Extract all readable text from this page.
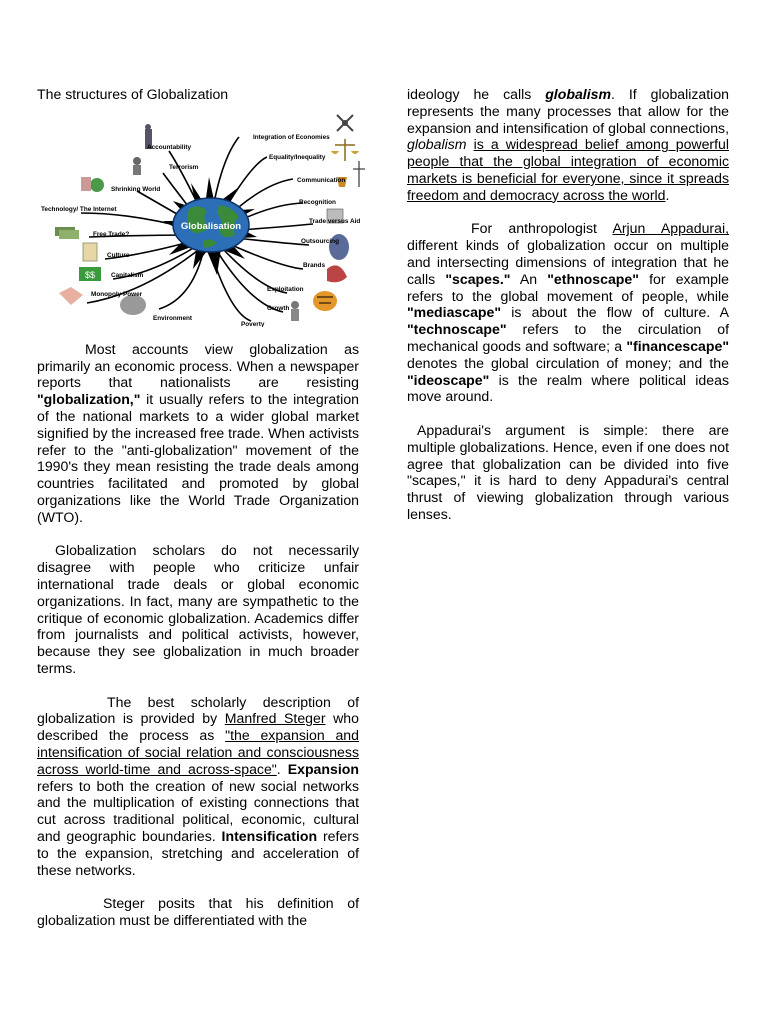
The structures of Globalization

Globalisation
$$
Integration of Economies
Accountability
Equality/Inequality
Terrorism
Communication
Shrinking World
Recognition
Technology/ The Internet
Trade versus Aid
Free Trade?
Outsourcing
Culture
Brands
Capitalism
Exploitation
Monopoly Power
Growth
Environment
Poverty

Most accounts view globalization as primarily an economic process. When a newspaper reports that nationalists are resisting "globalization," it usually refers to the integration of the national markets to a wider global market signified by the increased free trade. When activists refer to the "anti-globalization" movement of the 1990's they mean resisting the trade deals among countries facilitated and promoted by global organizations like the World Trade Organization (WTO).

Globalization scholars do not necessarily disagree with people who criticize unfair international trade deals or global economic organizations. In fact, many are sympathetic to the critique of economic globalization. Academics differ from journalists and political activists, however, because they see globalization in much broader terms.

The best scholarly description of globalization is provided by Manfred Steger who described the process as "the expansion and intensification of social relation and consciousness across world-time and across-space". Expansion refers to both the creation of new social networks and the multiplication of existing connections that cut across traditional political, economic, cultural and geographic boundaries. Intensification refers to the expansion, stretching and acceleration of these networks.

Steger posits that his definition of globalization must be differentiated with the

ideology he calls globalism. If globalization represents the many processes that allow for the expansion and intensification of global connections, globalism is a widespread belief among powerful people that the global integration of economic markets is beneficial for everyone, since it spreads freedom and democracy across the world.

For anthropologist Arjun Appadurai, different kinds of globalization occur on multiple and intersecting dimensions of integration that he calls "scapes." An "ethnoscape" for example refers to the global movement of people, while "mediascape" is about the flow of culture. A "technoscape" refers to the circulation of mechanical goods and software; a "financescape" denotes the global circulation of money; and the "ideoscape" is the realm where political ideas move around.

Appadurai's argument is simple: there are multiple globalizations. Hence, even if one does not agree that globalization can be divided into five "scapes," it is hard to deny Appadurai's central thrust of viewing globalization through various lenses.
